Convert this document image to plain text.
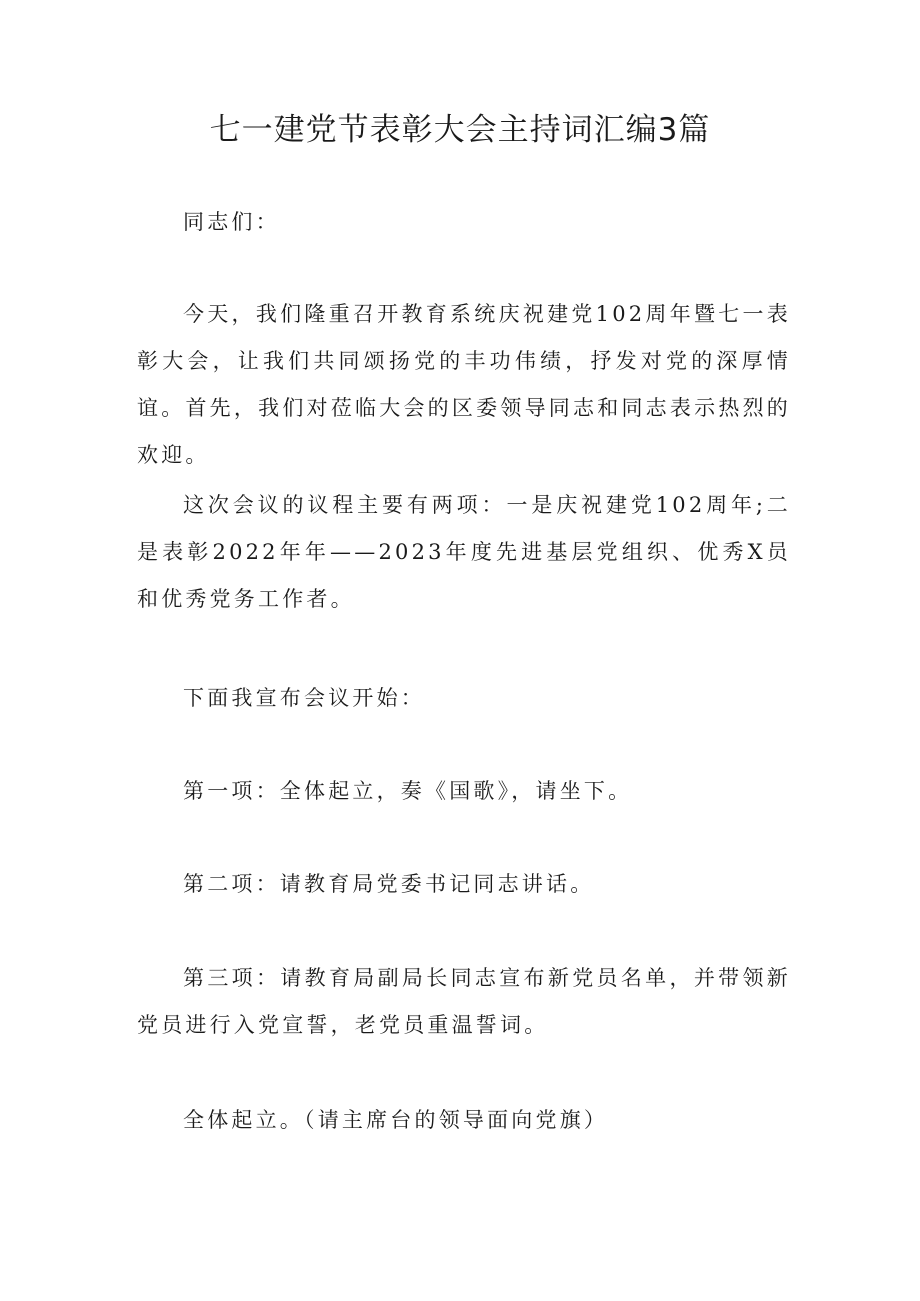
七一建党节表彰大会主持词汇编3篇

同志们：

今天，我们隆重召开教育系统庆祝建党102周年暨七一表彰大会，让我们共同颂扬党的丰功伟绩，抒发对党的深厚情谊。首先，我们对莅临大会的区委领导同志和同志表示热烈的欢迎。

这次会议的议程主要有两项：一是庆祝建党102周年;二是表彰2022年年——2023年度先进基层党组织、优秀X员和优秀党务工作者。

下面我宣布会议开始：

第一项：全体起立，奏《国歌》，请坐下。

第二项：请教育局党委书记同志讲话。

第三项：请教育局副局长同志宣布新党员名单，并带领新党员进行入党宣誓，老党员重温誓词。

全体起立。（请主席台的领导面向党旗）
